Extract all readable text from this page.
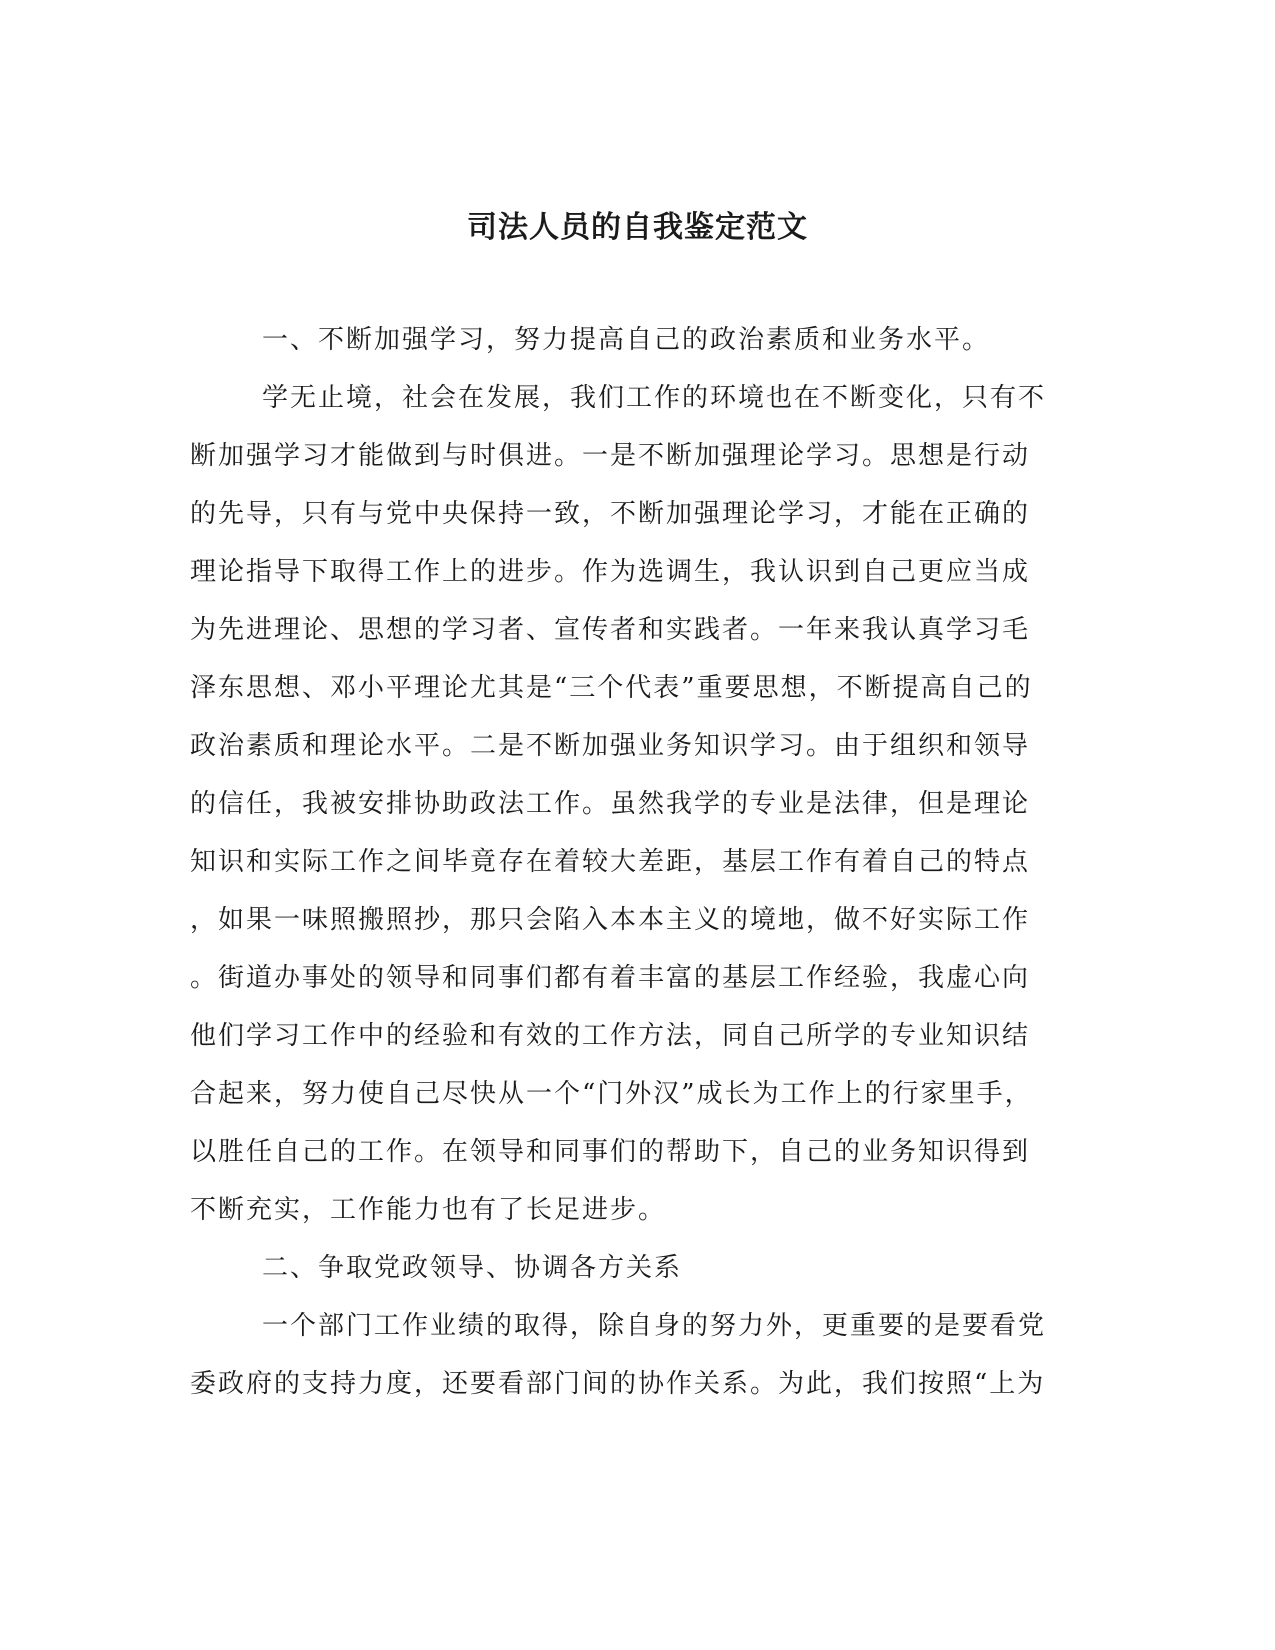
司法人员的自我鉴定范文
一、不断加强学习，努力提高自己的政治素质和业务水平。
学无止境，社会在发展，我们工作的环境也在不断变化，只有不
断加强学习才能做到与时俱进。一是不断加强理论学习。思想是行动
的先导，只有与党中央保持一致，不断加强理论学习，才能在正确的
理论指导下取得工作上的进步。作为选调生，我认识到自己更应当成
为先进理论、思想的学习者、宣传者和实践者。一年来我认真学习毛
泽东思想、邓小平理论尤其是“三个代表”重要思想，不断提高自己的
政治素质和理论水平。二是不断加强业务知识学习。由于组织和领导
的信任，我被安排协助政法工作。虽然我学的专业是法律，但是理论
知识和实际工作之间毕竟存在着较大差距，基层工作有着自己的特点
，如果一味照搬照抄，那只会陷入本本主义的境地，做不好实际工作
。街道办事处的领导和同事们都有着丰富的基层工作经验，我虚心向
他们学习工作中的经验和有效的工作方法，同自己所学的专业知识结
合起来，努力使自己尽快从一个“门外汉”成长为工作上的行家里手，
以胜任自己的工作。在领导和同事们的帮助下，自己的业务知识得到
不断充实，工作能力也有了长足进步。
二、争取党政领导、协调各方关系
一个部门工作业绩的取得，除自身的努力外，更重要的是要看党
委政府的支持力度，还要看部门间的协作关系。为此，我们按照“上为
